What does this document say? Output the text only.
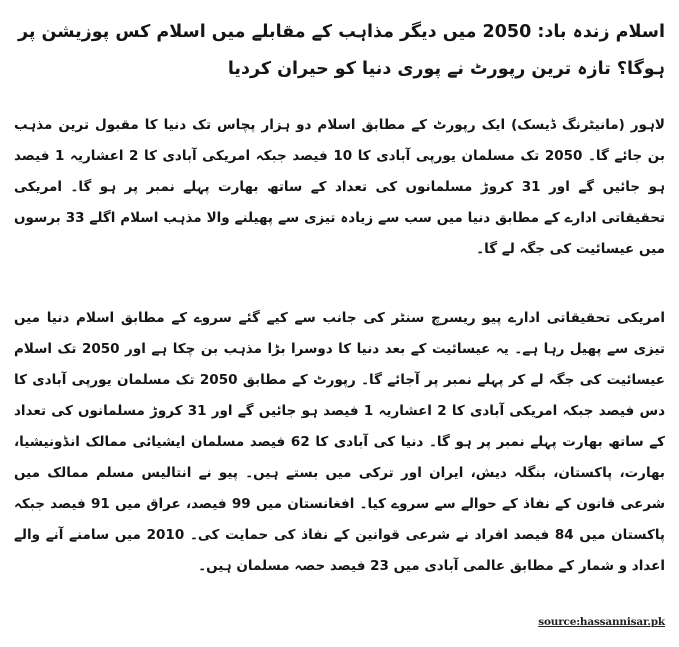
اسلام زندہ باد: 2050 میں دیگر مذاہب کے مقابلے میں اسلام کس پوزیشن پر ہوگا؟ تازہ ترین رپورٹ نے پوری دنیا کو حیران کردیا

لاہور (مانیٹرنگ ڈیسک) ایک رپورٹ کے مطابق اسلام دو ہزار پچاس تک دنیا کا مقبول ترین مذہب بن جائے گا۔ 2050 تک مسلمان یورپی آبادی کا 10 فیصد جبکہ امریکی آبادی کا 2 اعشاریہ 1 فیصد ہو جائیں گے اور 31 کروڑ مسلمانوں کی تعداد کے ساتھ بھارت پہلے نمبر پر ہو گا۔ امریکی تحقیقاتی ادارے کے مطابق دنیا میں سب سے زیادہ تیزی سے پھیلنے والا مذہب اسلام اگلے 33 برسوں میں عیسائیت کی جگہ لے گا۔

امریکی تحقیقاتی ادارے پیو ریسرچ سنٹر کی جانب سے کیے گئے سروے کے مطابق اسلام دنیا میں تیزی سے پھیل رہا ہے۔ یہ عیسائیت کے بعد دنیا کا دوسرا بڑا مذہب بن چکا ہے اور 2050 تک اسلام عیسائیت کی جگہ لے کر پہلے نمبر پر آجائے گا۔ رپورٹ کے مطابق 2050 تک مسلمان یورپی آبادی کا دس فیصد جبکہ امریکی آبادی کا 2 اعشاریہ 1 فیصد ہو جائیں گے اور 31 کروڑ مسلمانوں کی تعداد کے ساتھ بھارت پہلے نمبر پر ہو گا۔ دنیا کی آبادی کا 62 فیصد مسلمان ایشیائی ممالک انڈونیشیا، بھارت، پاکستان، بنگلہ دیش، ایران اور ترکی میں بستے ہیں۔ پیو نے انتالیس مسلم ممالک میں شرعی قانون کے نفاذ کے حوالے سے سروے کیا۔ افغانستان میں 99 فیصد، عراق میں 91 فیصد جبکہ پاکستان میں 84 فیصد افراد نے شرعی قوانین کے نفاذ کی حمایت کی۔ 2010 میں سامنے آنے والے اعداد و شمار کے مطابق عالمی آبادی میں 23 فیصد حصہ مسلمان ہیں۔

source:hassannisar.pk
